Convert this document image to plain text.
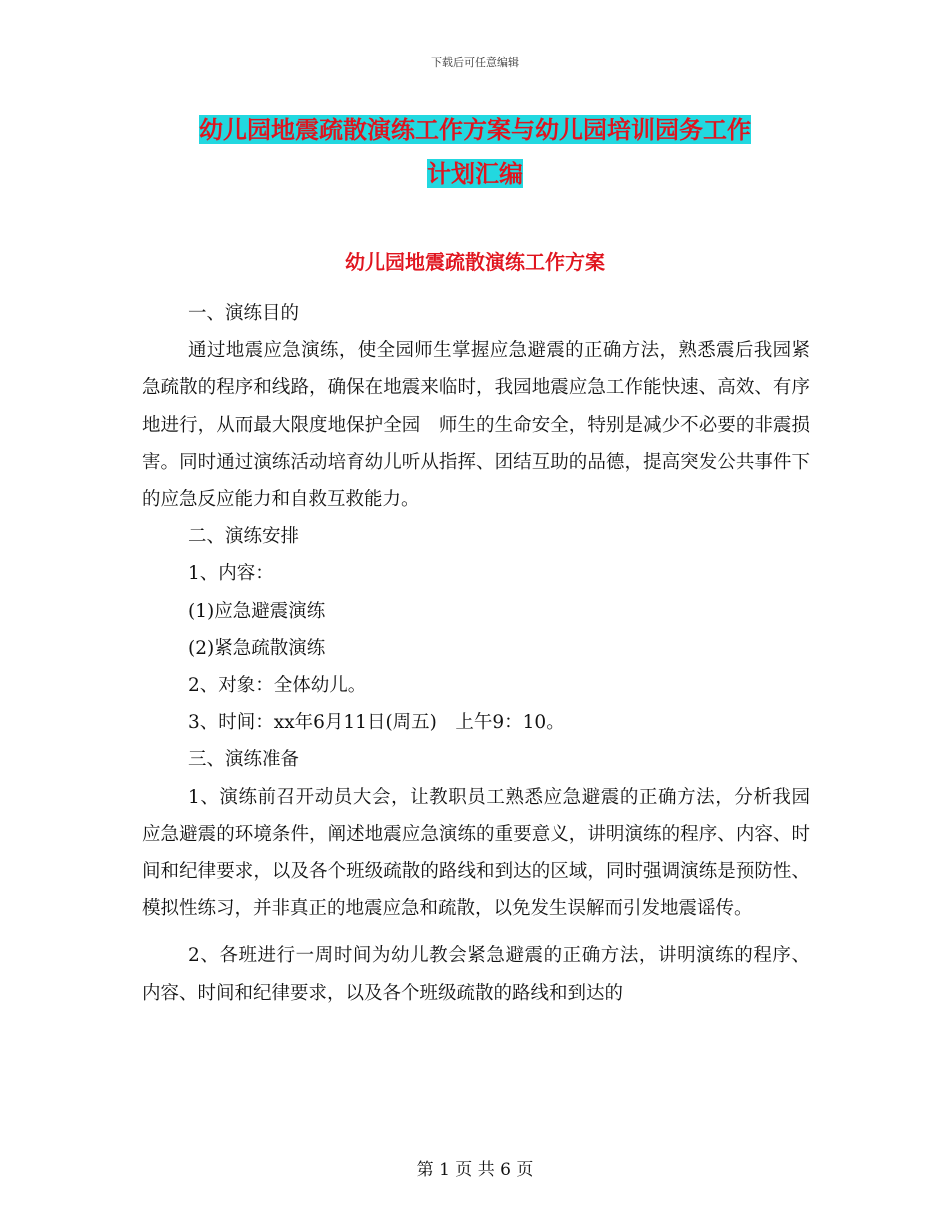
下载后可任意编辑
幼儿园地震疏散演练工作方案与幼儿园培训园务工作
计划汇编
幼儿园地震疏散演练工作方案

一、演练目的

通过地震应急演练，使全园师生掌握应急避震的正确方法，熟悉震后我园紧急疏散的程序和线路，确保在地震来临时，我园地震应急工作能快速、高效、有序地进行，从而最大限度地保护全园　师生的生命安全，特别是减少不必要的非震损害。同时通过演练活动培育幼儿听从指挥、团结互助的品德，提高突发公共事件下的应急反应能力和自救互救能力。

二、演练安排

1、内容：

(1)应急避震演练

(2)紧急疏散演练

2、对象：全体幼儿。

3、时间：xx年6月11日(周五)　上午9：10。

三、演练准备

1、演练前召开动员大会，让教职员工熟悉应急避震的正确方法，分析我园应急避震的环境条件，阐述地震应急演练的重要意义，讲明演练的程序、内容、时间和纪律要求，以及各个班级疏散的路线和到达的区域，同时强调演练是预防性、模拟性练习，并非真正的地震应急和疏散，以免发生误解而引发地震谣传。

2、各班进行一周时间为幼儿教会紧急避震的正确方法，讲明演练的程序、内容、时间和纪律要求，以及各个班级疏散的路线和到达的

第 1 页 共 6 页
